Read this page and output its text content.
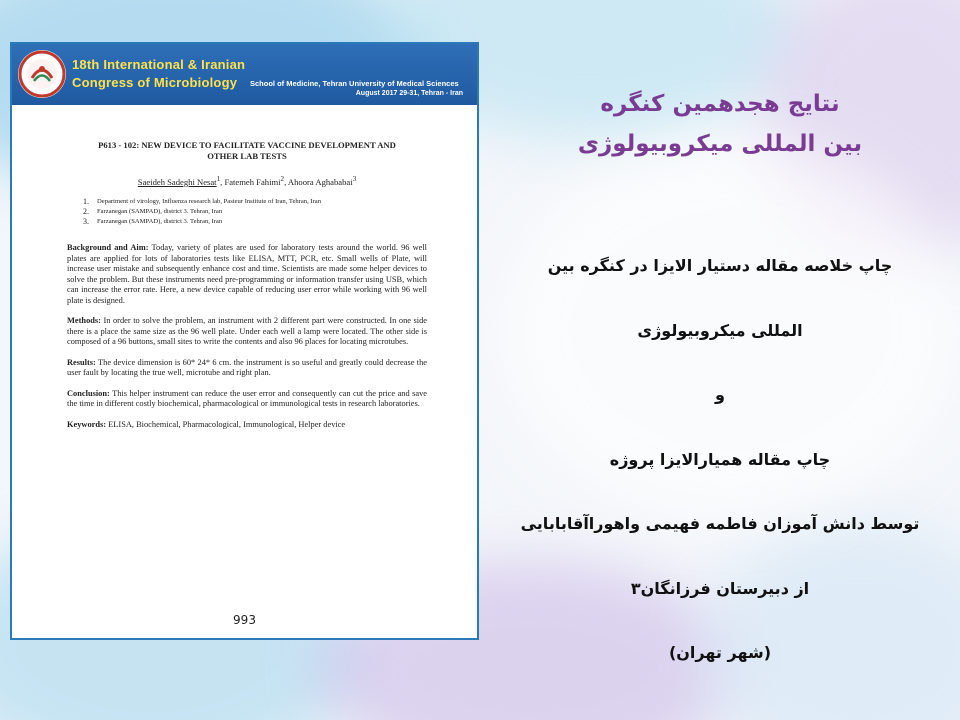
18th International & Iranian
Congress of Microbiology School of Medicine, Tehran University of Medical Sciences
August 2017 29-31, Tehran - Iran
P613 - 102: NEW DEVICE TO FACILITATE VACCINE DEVELOPMENT AND
OTHER LAB TESTS
Saeideh Sadeghi Nesat$^1$, Fatemeh Fahimi$^2$, Ahoora Aghababai$^3$
1.	Department of virology, Influenza research lab, Pasteur Institute of Iran, Tehran, Iran
2.	Farzanegan (SAMPAD), district 3. Tehran, Iran
3.	Farzanegan (SAMPAD), district 3. Tehran, Iran

Background and Aim: Today, variety of plates are used for laboratory tests around the world. 96 well plates are applied for lots of laboratories tests like ELISA, MTT, PCR, etc. Small wells of Plate, will increase user mistake and subsequently enhance cost and time. Scientists are made some helper devices to solve the problem. But these instruments need pre-programming or information transfer using USB, which can increase the error rate. Here, a new device capable of reducing user error while working with 96 well plate is designed.

Methods: In order to solve the problem, an instrument with 2 different part were constructed. In one side there is a place the same size as the 96 well plate. Under each well a lamp were located. The other side is composed of a 96 buttons, small sites to write the contents and also 96 places for locating microtubes.

Results: The device dimension is 60* 24* 6 cm. the instrument is so useful and greatly could decrease the user fault by locating the true well, microtube and right plan.

Conclusion: This helper instrument can reduce the user error and consequently can cut the price and save the time in different costly biochemical, pharmacological or immunological tests in research laboratories.

Keywords: ELISA, Biochemical, Pharmacological, Immunological, Helper device

993
نتایج هجدهمین کنگره
بین المللی میکروبیولوژی
چاپ خلاصه مقاله دستیار الایزا در کنگره بین
المللی میکروبیولوژی
و
چاپ مقاله همیارالایزا پروژه
توسط دانش آموزان فاطمه فهیمی واهوراآقابابایی
از دبیرستان فرزانگان۳
(شهر تهران)
